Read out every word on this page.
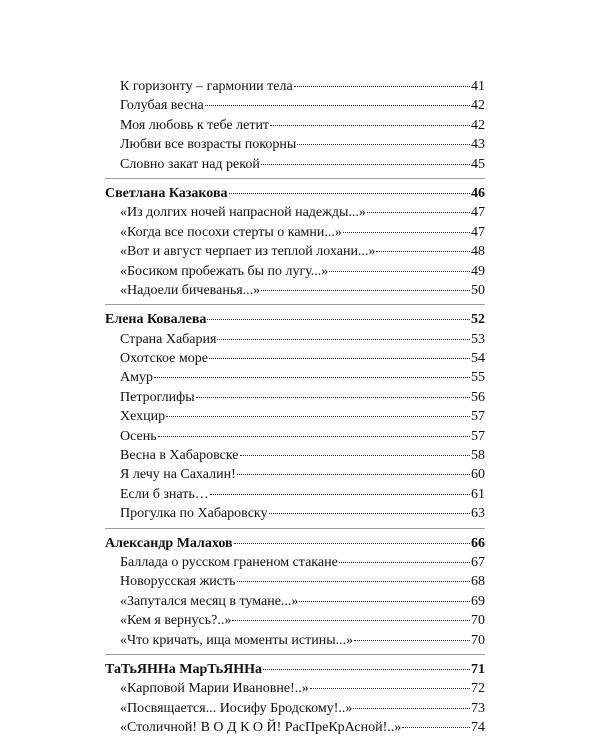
К горизонту – гармонии тела	41
Голубая весна	42
Моя любовь к тебе летит	42
Любви все возрасты покорны	43
Словно закат над рекой	45
Светлана Казакова	46
«Из долгих ночей напрасной надежды...»	47
«Когда все посохи стерты о камни...»	47
«Вот и август черпает из теплой лохани...»	48
«Босиком пробежать бы по лугу...»	49
«Надоели бичеванья...»	50
Елена Ковалева	52
Страна Хабария	53
Охотское море	54
Амур	55
Петроглифы	56
Хехцир	57
Осень	57
Весна в Хабаровске	58
Я лечу на Сахалин!	60
Если б знать…	61
Прогулка по Хабаровску	63
Александр Малахов	66
Баллада о русском граненом стакане	67
Новорусская жисть	68
«Запутался месяц в тумане...»	69
«Кем я вернусь?..»	70
«Что кричать, ища моменты истины...»	70
ТаТьЯНHа МарТьЯНHа	71
«Карповой Марии Ивановне!..»	72
«Посвящается... Иосифу Бродскому!..»	73
«Столичной! В О Д К О Й! РасПреКрАсной!..»	74
